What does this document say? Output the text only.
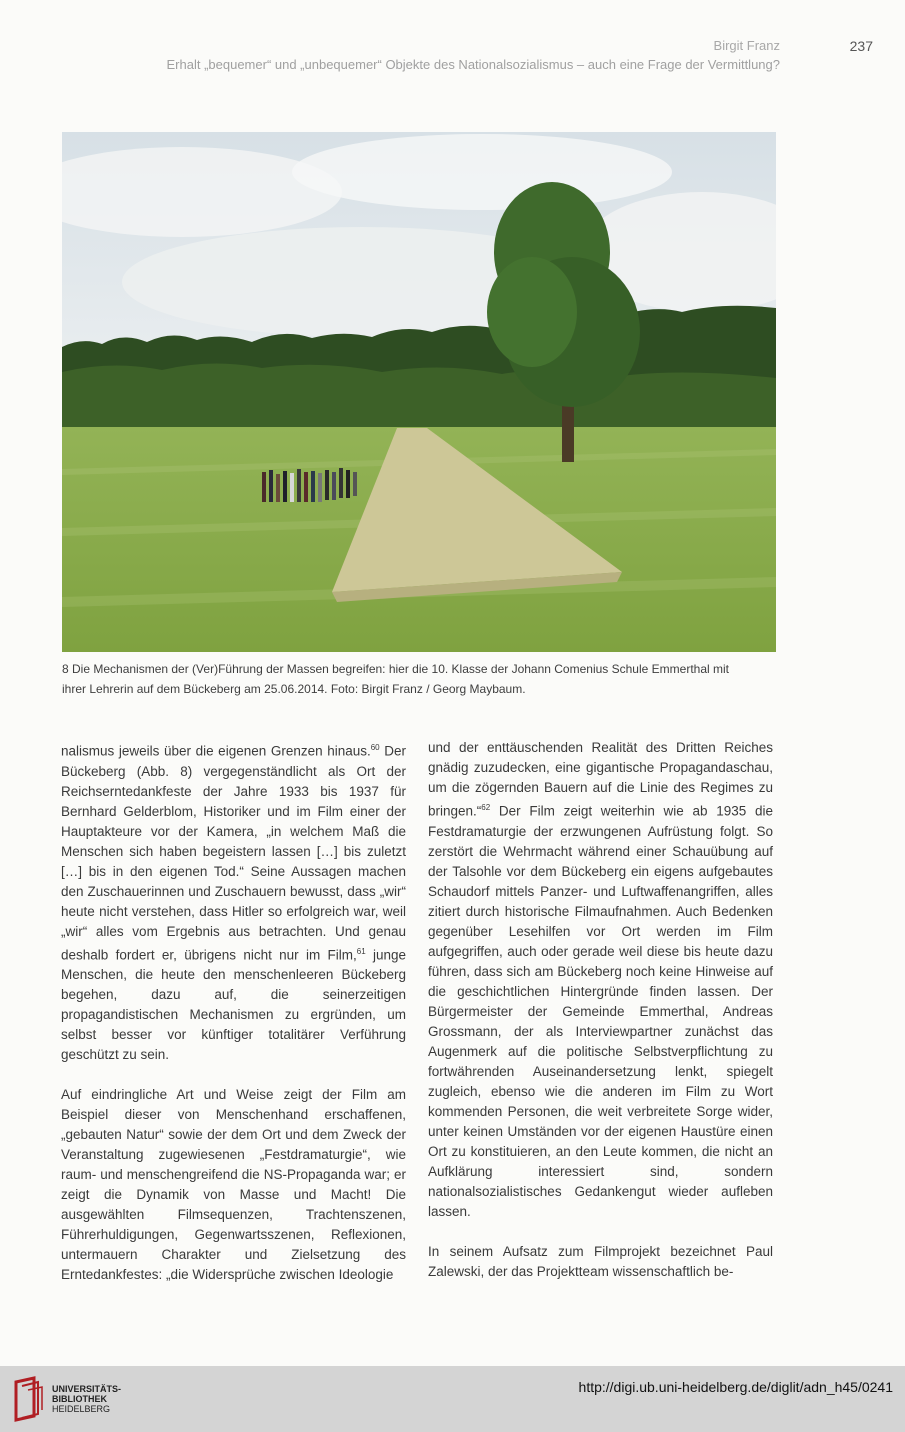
Birgit Franz	237
Erhalt „bequemer“ und „unbequemer“ Objekte des Nationalsozialismus – auch eine Frage der Vermittlung?
8 Die Mechanismen der (Ver)Führung der Massen begreifen: hier die 10. Klasse der Johann Comenius Schule Emmerthal mit
ihrer Lehrerin auf dem Bückeberg am 25.06.2014. Foto: Birgit Franz / Georg Maybaum.

nalismus jeweils über die eigenen Grenzen hinaus.$^{60}$ Der Bückeberg (Abb. 8) vergegenständlicht als Ort der Reichserntedankfeste der Jahre 1933 bis 1937 für Bernhard Gelderblom, Historiker und im Film einer der Hauptakteure vor der Kamera, „in welchem Maß die Menschen sich haben begeistern lassen […] bis zuletzt […] bis in den eigenen Tod.“ Seine Aussagen machen den Zuschauerinnen und Zuschauern bewusst, dass „wir“ heute nicht verstehen, dass Hitler so erfolgreich war, weil „wir“ alles vom Ergebnis aus betrachten. Und genau deshalb fordert er, übrigens nicht nur im Film,$^{61}$ junge Menschen, die heute den menschenleeren Bückeberg begehen, dazu auf, die seinerzeitigen propagandistischen Mechanismen zu ergründen, um selbst besser vor künftiger totalitärer Verführung geschützt zu sein.

Auf eindringliche Art und Weise zeigt der Film am Beispiel dieser von Menschenhand erschaffenen, „gebauten Natur“ sowie der dem Ort und dem Zweck der Veranstaltung zugewiesenen „Festdramaturgie“, wie raum- und menschengreifend die NS-Propaganda war; er zeigt die Dynamik von Masse und Macht! Die ausgewählten Filmsequenzen, Trachtenszenen, Führerhuldigungen, Gegenwartsszenen, Reflexionen, untermauern Charakter und Zielsetzung des Erntedankfestes: „die Widersprüche zwischen Ideologie

und der enttäuschenden Realität des Dritten Reiches gnädig zuzudecken, eine gigantische Propagandaschau, um die zögernden Bauern auf die Linie des Regimes zu bringen.“$^{62}$ Der Film zeigt weiterhin wie ab 1935 die Festdramaturgie der erzwungenen Aufrüstung folgt. So zerstört die Wehrmacht während einer Schauübung auf der Talsohle vor dem Bückeberg ein eigens aufgebautes Schaudorf mittels Panzer- und Luftwaffenangriffen, alles zitiert durch historische Filmaufnahmen. Auch Bedenken gegenüber Lesehilfen vor Ort werden im Film aufgegriffen, auch oder gerade weil diese bis heute dazu führen, dass sich am Bückeberg noch keine Hinweise auf die geschichtlichen Hintergründe finden lassen. Der Bürgermeister der Gemeinde Emmerthal, Andreas Grossmann, der als Interviewpartner zunächst das Augenmerk auf die politische Selbstverpflichtung zu fortwährenden Auseinandersetzung lenkt, spiegelt zugleich, ebenso wie die anderen im Film zu Wort kommenden Personen, die weit verbreitete Sorge wider, unter keinen Umständen vor der eigenen Haustüre einen Ort zu konstituieren, an den Leute kommen, die nicht an Aufklärung interessiert sind, sondern nationalsozialistisches Gedankengut wieder aufleben lassen.

In seinem Aufsatz zum Filmprojekt bezeichnet Paul Zalewski, der das Projektteam wissenschaftlich be-

UNIVERSITÄTS-
BIBLIOTHEK
HEIDELBERG
http://digi.ub.uni-heidelberg.de/diglit/adn_h45/0241
